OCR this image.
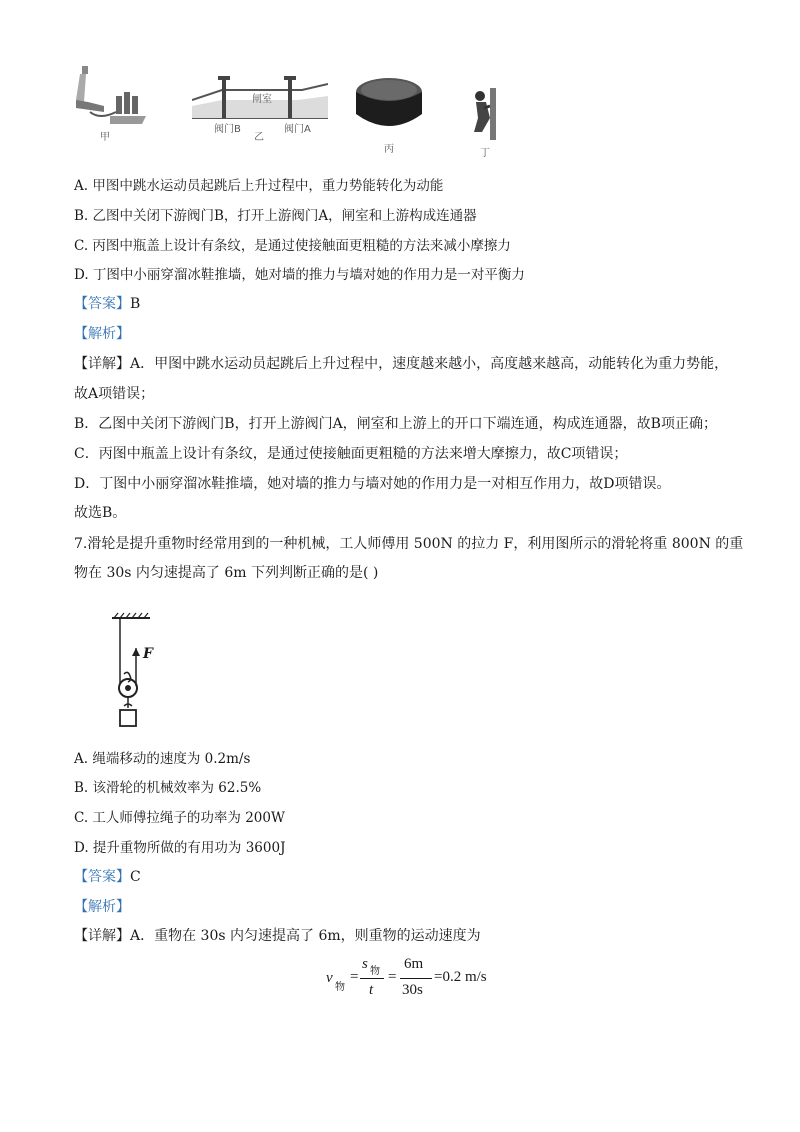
甲
闸室
阀门B
乙
阀门A
丙	丁
A. 甲图中跳水运动员起跳后上升过程中，重力势能转化为动能
B. 乙图中关闭下游阀门B，打开上游阀门A，闸室和上游构成连通器
C. 丙图中瓶盖上设计有条纹，是通过使接触面更粗糙的方法来减小摩擦力
D. 丁图中小丽穿溜冰鞋推墙，她对墙的推力与墙对她的作用力是一对平衡力
【答案】B
【解析】
【详解】A．甲图中跳水运动员起跳后上升过程中，速度越来越小，高度越来越高，动能转化为重力势能，
故A项错误；
B．乙图中关闭下游阀门B，打开上游阀门A，闸室和上游上的开口下端连通，构成连通器，故B项正确；
C．丙图中瓶盖上设计有条纹，是通过使接触面更粗糙的方法来增大摩擦力，故C项错误；
D．丁图中小丽穿溜冰鞋推墙，她对墙的推力与墙对她的作用力是一对相互作用力，故D项错误。
故选B。
7.滑轮是提升重物时经常用到的一种机械，工人师傅用 500N 的拉力 F，利用图所示的滑轮将重 800N 的重
物在 30s 内匀速提高了 6m 下列判断正确的是( )
F
A. 绳端移动的速度为 0.2m/s
B. 该滑轮的机械效率为 62.5%
C. 工人师傅拉绳子的功率为 200W
D. 提升重物所做的有用功为 3600J
【答案】C
【解析】
【详解】A．重物在 30s 内匀速提高了 6m，则重物的运动速度为
v
物
=
s 物
t
=
6m
30s
=0.2 m/s
